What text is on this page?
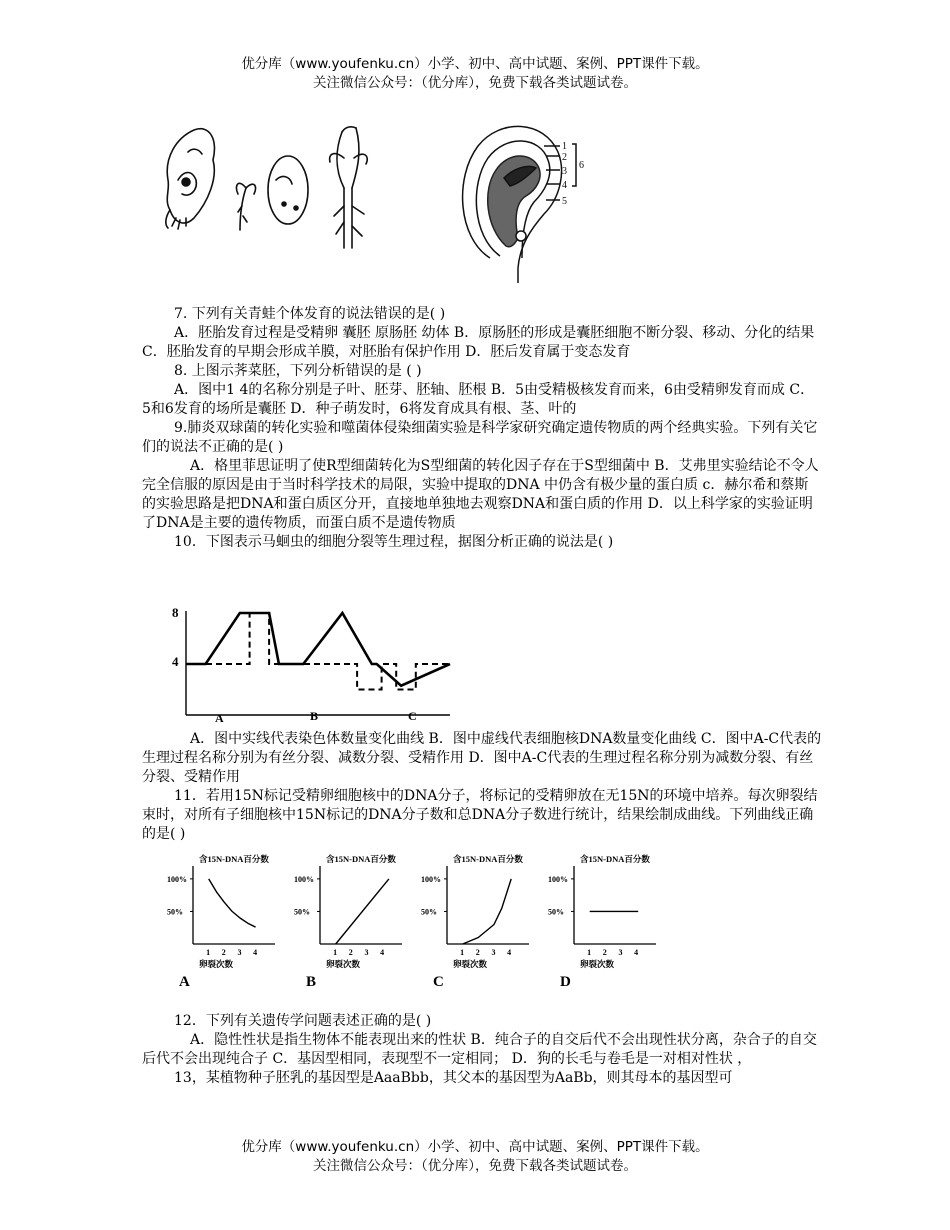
优分库（www.youfenku.cn）小学、初中、高中试题、案例、PPT课件下载。
关注微信公众号：（优分库），免费下载各类试题试卷。
1
2
3
4
5
6

7. 下列有关青蛙个体发育的说法错误的是( )

A．胚胎发育过程是受精卵 囊胚 原肠胚 幼体 B．原肠胚的形成是囊胚细胞不断分裂、移动、分化的结果 C．胚胎发育的早期会形成羊膜，对胚胎有保护作用 D．胚后发育属于变态发育

8. 上图示荠菜胚，下列分析错误的是 ( )

A．图中1 4的名称分别是子叶、胚芽、胚轴、胚根 B．5由受精极核发育而来，6由受精卵发育而成 C．5和6发育的场所是囊胚 D．种子萌发时，6将发育成具有根、茎、叶的

9.肺炎双球菌的转化实验和噬菌体侵染细菌实验是科学家研究确定遗传物质的两个经典实验。下列有关它们的说法不正确的是( )

A．格里菲思证明了使R型细菌转化为S型细菌的转化因子存在于S型细菌中 B．艾弗里实验结论不令人完全信服的原因是由于当时科学技术的局限，实验中提取的DNA 中仍含有极少量的蛋白质 c．赫尔希和蔡斯的实验思路是把DNA和蛋白质区分开，直接地单独地去观察DNA和蛋白质的作用 D．以上科学家的实验证明了DNA是主要的遗传物质，而蛋白质不是遗传物质

10．下图表示马蛔虫的细胞分裂等生理过程，据图分析正确的说法是( )

8
4
A	B	C

A．图中实线代表染色体数量变化曲线 B．图中虚线代表细胞核DNA数量变化曲线 C．图中A-C代表的生理过程名称分别为有丝分裂、减数分裂、受精作用 D．图中A-C代表的生理过程名称分别为减数分裂、有丝分裂、受精作用

11．若用15N标记受精卵细胞核中的DNA分子，将标记的受精卵放在无15N的环境中培养。每次卵裂结束时，对所有子细胞核中15N标记的DNA分子数和总DNA分子数进行统计，结果绘制成曲线。下列曲线正确的是( )

含15N-DNA百分数
100%
50%
1 2 3 4
卵裂次数
A
含15N-DNA百分数
100%
50%
1 2 3 4
卵裂次数
B
含15N-DNA百分数
100%
50%
1 2 3 4
卵裂次数
C
含15N-DNA百分数
100%
50%
1 2 3 4
卵裂次数
D

12．下列有关遗传学问题表述正确的是( )

A．隐性性状是指生物体不能表现出来的性状 B．纯合子的自交后代不会出现性状分离，杂合子的自交后代不会出现纯合子 C．基因型相同，表现型不一定相同； D．狗的长毛与卷毛是一对相对性状 ，

13，某植物种子胚乳的基因型是AaaBbb，其父本的基因型为AaBb，则其母本的基因型可

优分库（www.youfenku.cn）小学、初中、高中试题、案例、PPT课件下载。
关注微信公众号：（优分库），免费下载各类试题试卷。
